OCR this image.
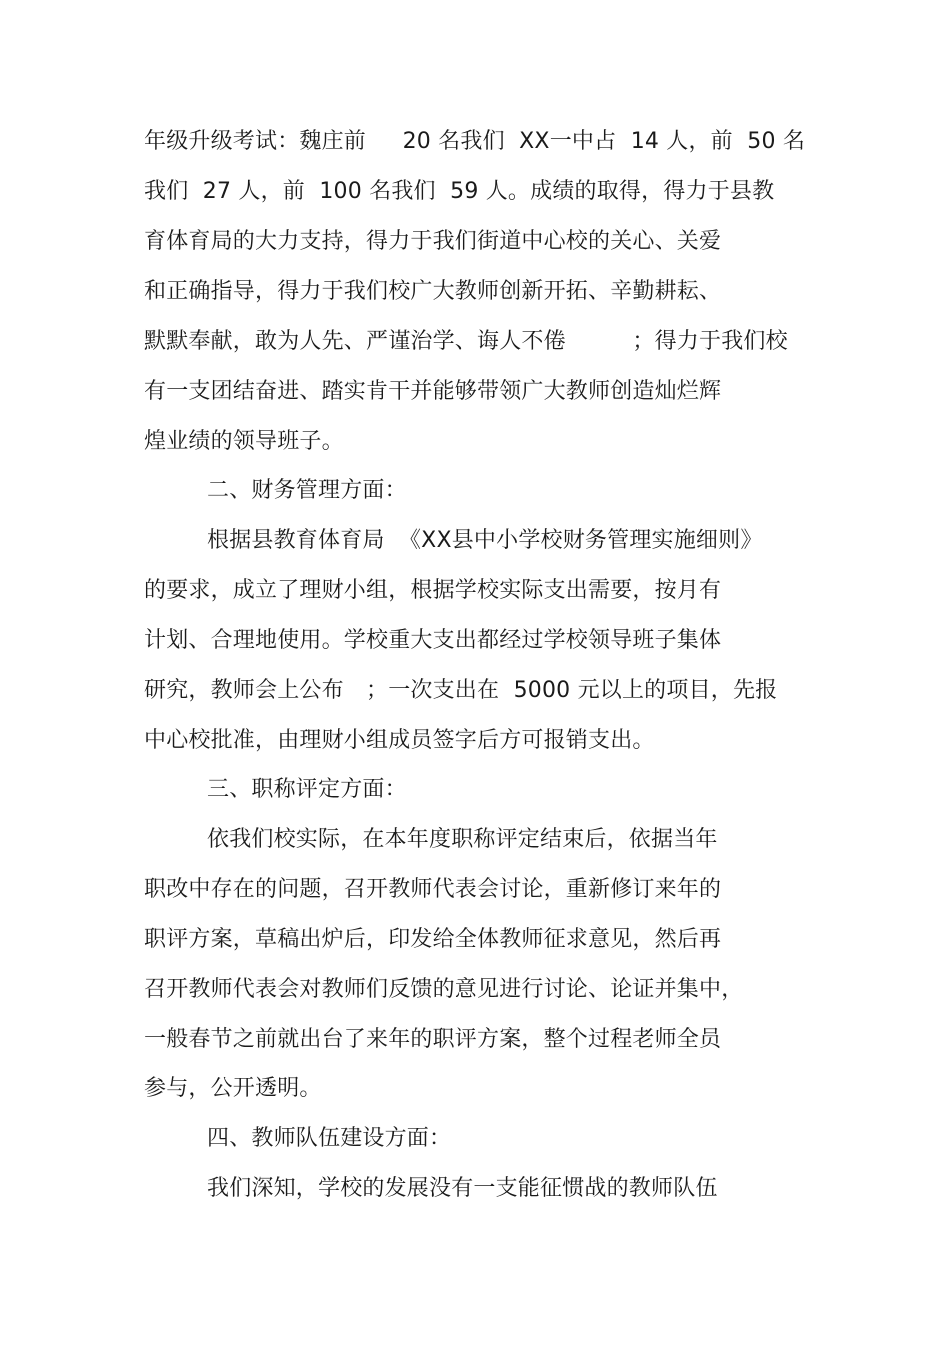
年级升级考试：魏庄前　  20 名我们  XX一中占  14 人，前  50 名
我们  27 人，前  100 名我们  59 人。成绩的取得，得力于县教
育体育局的大力支持，得力于我们街道中心校的关心、关爱
和正确指导，得力于我们校广大教师创新开拓、辛勤耕耘、
默默奉献，敢为人先、严谨治学、诲人不倦　　　；得力于我们校
有一支团结奋进、踏实肯干并能够带领广大教师创造灿烂辉
煌业绩的领导班子。
二、财务管理方面：
根据县教育体育局  《XX县中小学校财务管理实施细则》
的要求，成立了理财小组，根据学校实际支出需要，按月有
计划、合理地使用。学校重大支出都经过学校领导班子集体
研究，教师会上公布　；一次支出在  5000 元以上的项目，先报
中心校批准，由理财小组成员签字后方可报销支出。
三、职称评定方面：
依我们校实际，在本年度职称评定结束后，依据当年
职改中存在的问题，召开教师代表会讨论，重新修订来年的
职评方案，草稿出炉后，印发给全体教师征求意见，然后再
召开教师代表会对教师们反馈的意见进行讨论、论证并集中，
一般春节之前就出台了来年的职评方案，整个过程老师全员
参与，公开透明。
四、教师队伍建设方面：
我们深知，学校的发展没有一支能征惯战的教师队伍
